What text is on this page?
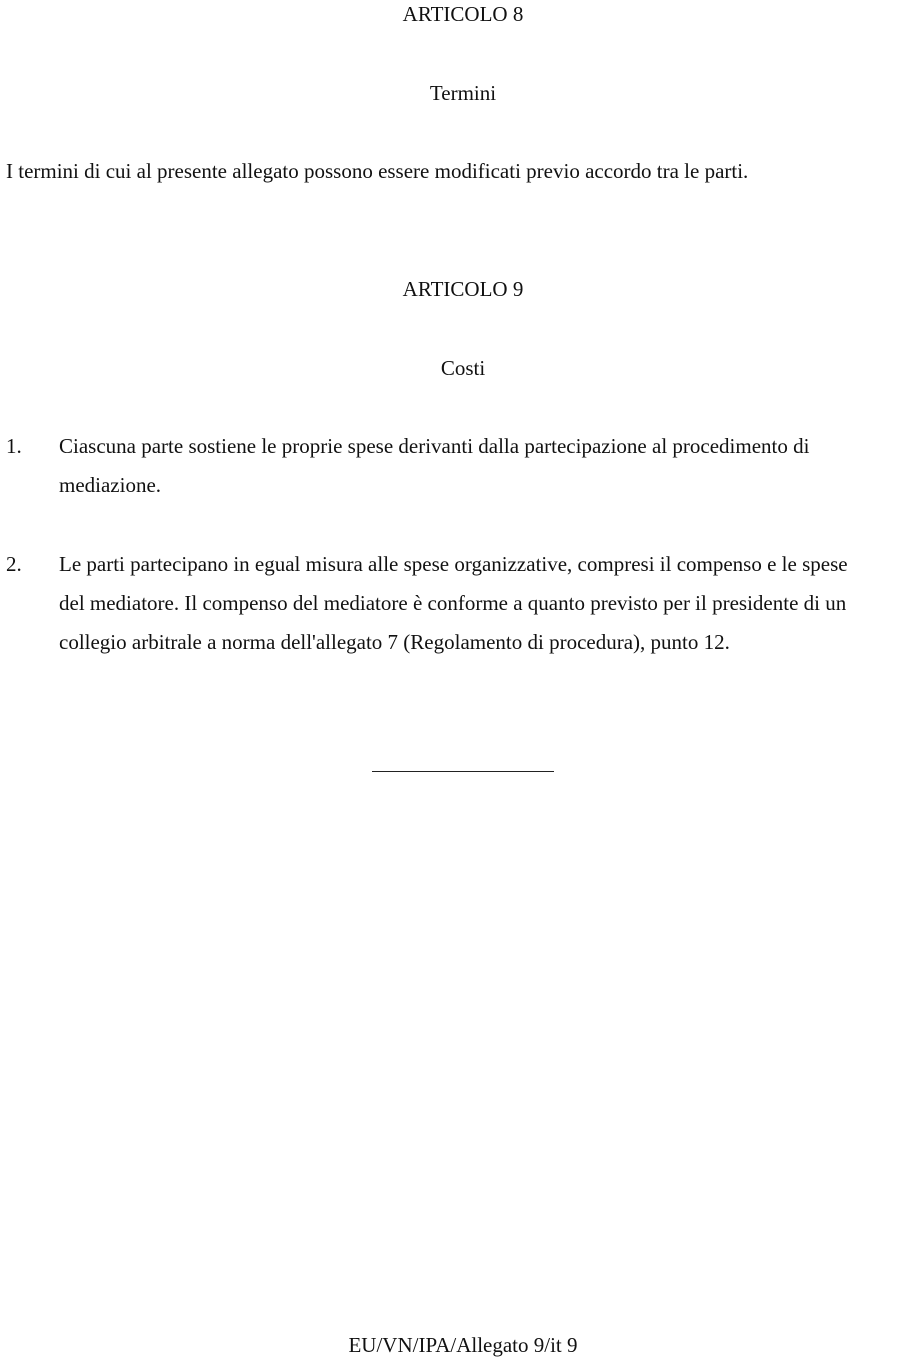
ARTICOLO 8
Termini
I termini di cui al presente allegato possono essere modificati previo accordo tra le parti.
ARTICOLO 9
Costi
1. Ciascuna parte sostiene le proprie spese derivanti dalla partecipazione al procedimento di
mediazione.
2. Le parti partecipano in egual misura alle spese organizzative, compresi il compenso e le spese
del mediatore. Il compenso del mediatore è conforme a quanto previsto per il presidente di un
collegio arbitrale a norma dell'allegato 7 (Regolamento di procedura), punto 12.
EU/VN/IPA/Allegato 9/it 9
